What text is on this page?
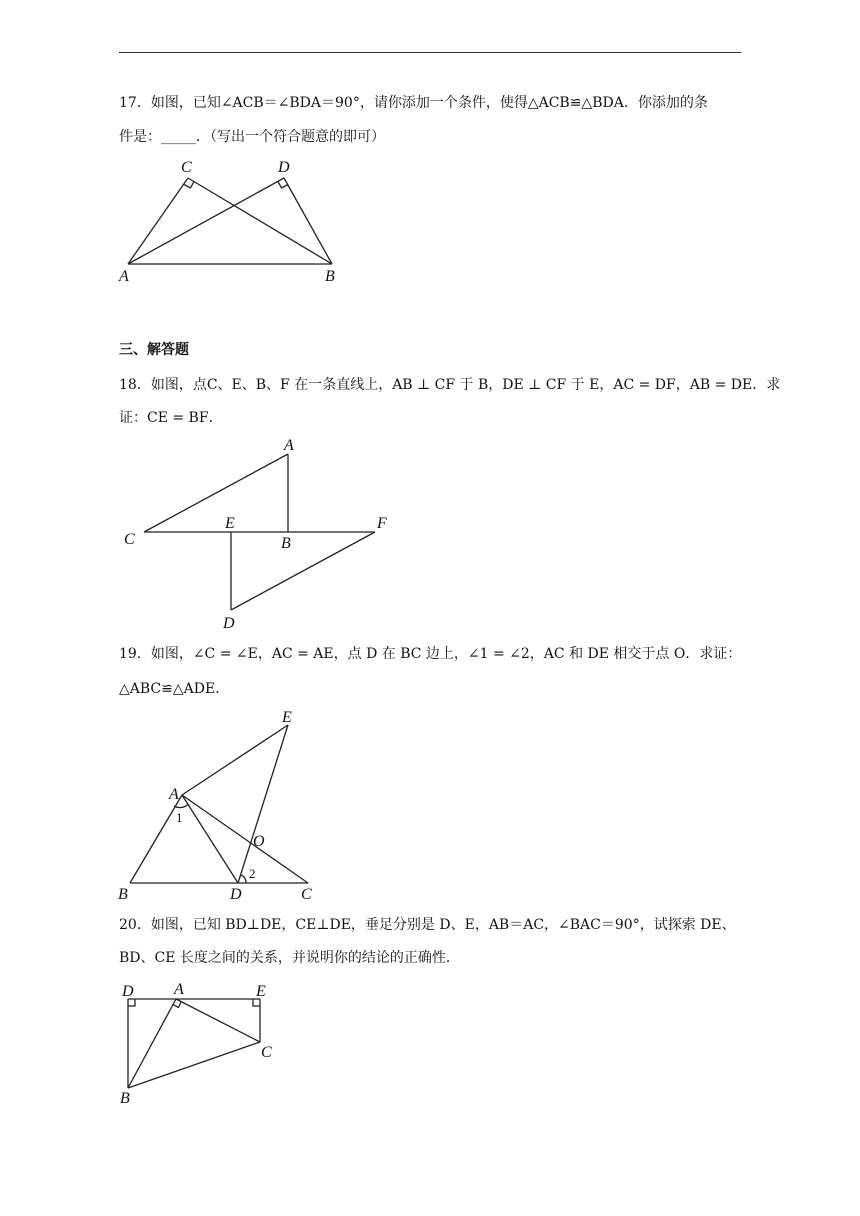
17．如图，已知∠ACB＝∠BDA＝90°，请你添加一个条件，使得△ACB≌△BDA．你添加的条
件是：_____．（写出一个符合题意的即可）
C	D
A	B
三、解答题
18．如图，点C、E、B、F 在一条直线上，AB ⊥ CF 于 B，DE ⊥ CF 于 E，AC = DF，AB = DE．求
证：CE = BF．
A
C
E
B
F
D
19．如图，∠C = ∠E，AC = AE，点 D 在 BC 边上，∠1 = ∠2，AC 和 DE 相交于点 O．求证：
△ABC≌△ADE．
E
A
1
O
2
B	D	C
20．如图，已知 BD⊥DE，CE⊥DE，垂足分别是 D、E，AB＝AC，∠BAC＝90°，试探索 DE、
BD、CE 长度之间的关系，并说明你的结论的正确性．
D	A	E
C
B
